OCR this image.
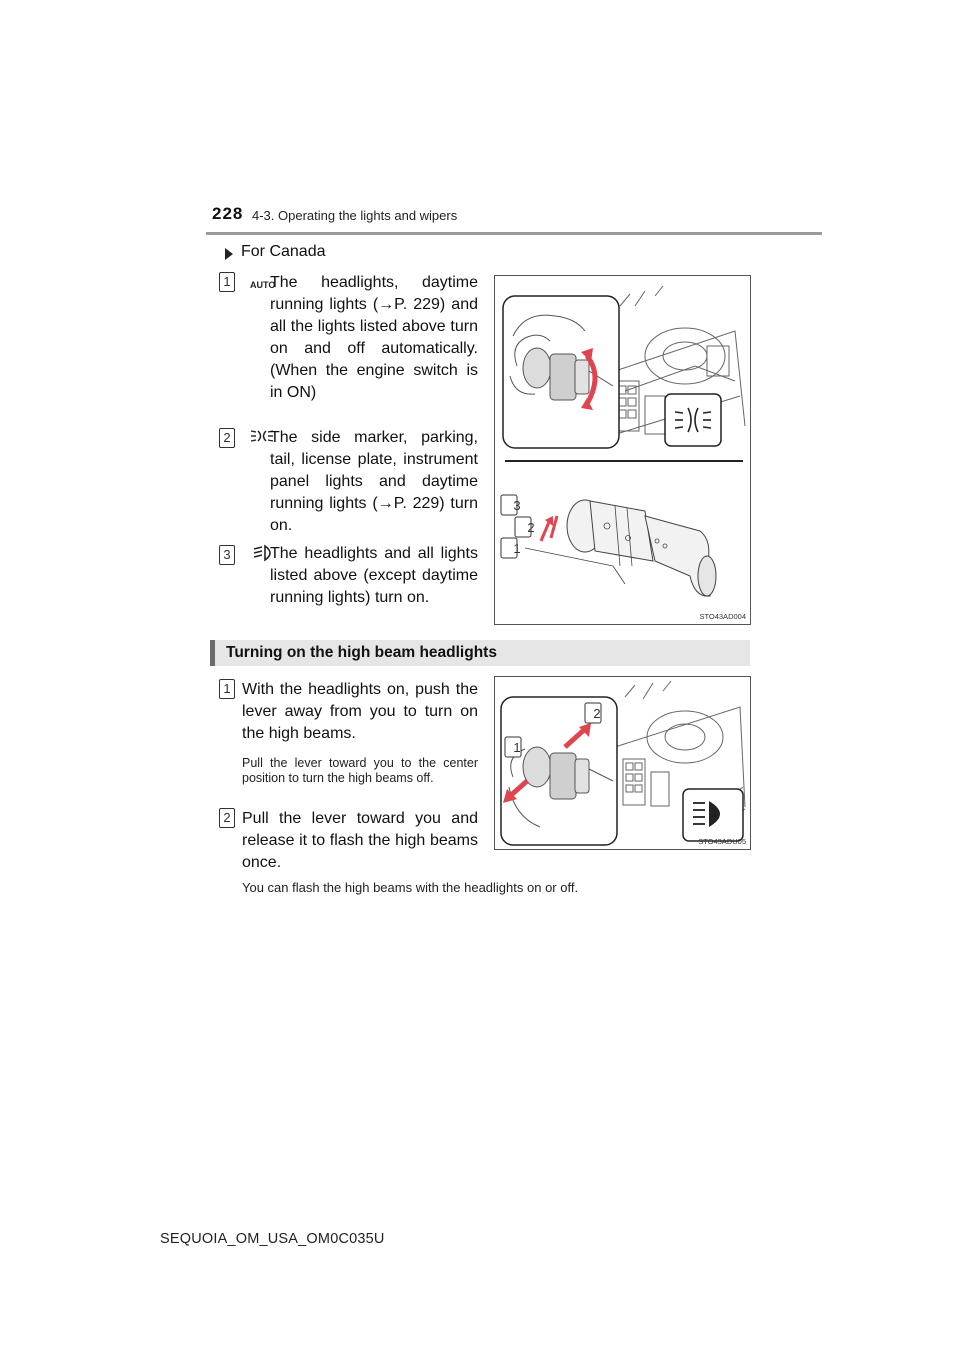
228 4-3. Operating the lights and wipers
For Canada
1	AUTO
The headlights, daytime running lights (→P. 229) and all the lights listed above turn on and off automatically. (When the engine switch is in ON)
2 The side marker, parking, tail, license plate, instrument panel lights and daytime running lights (→P. 229) turn on.
3 The headlights and all lights listed above (except daytime running lights) turn on.
3
2
1
STO43AD004
Turning on the high beam headlights
1 With the headlights on, push the lever away from you to turn on the high beams.
Pull the lever toward you to the center position to turn the high beams off.
2 Pull the lever toward you and release it to flash the high beams once.
2
1
STO43ADU05
You can flash the high beams with the headlights on or off.
SEQUOIA_OM_USA_OM0C035U
